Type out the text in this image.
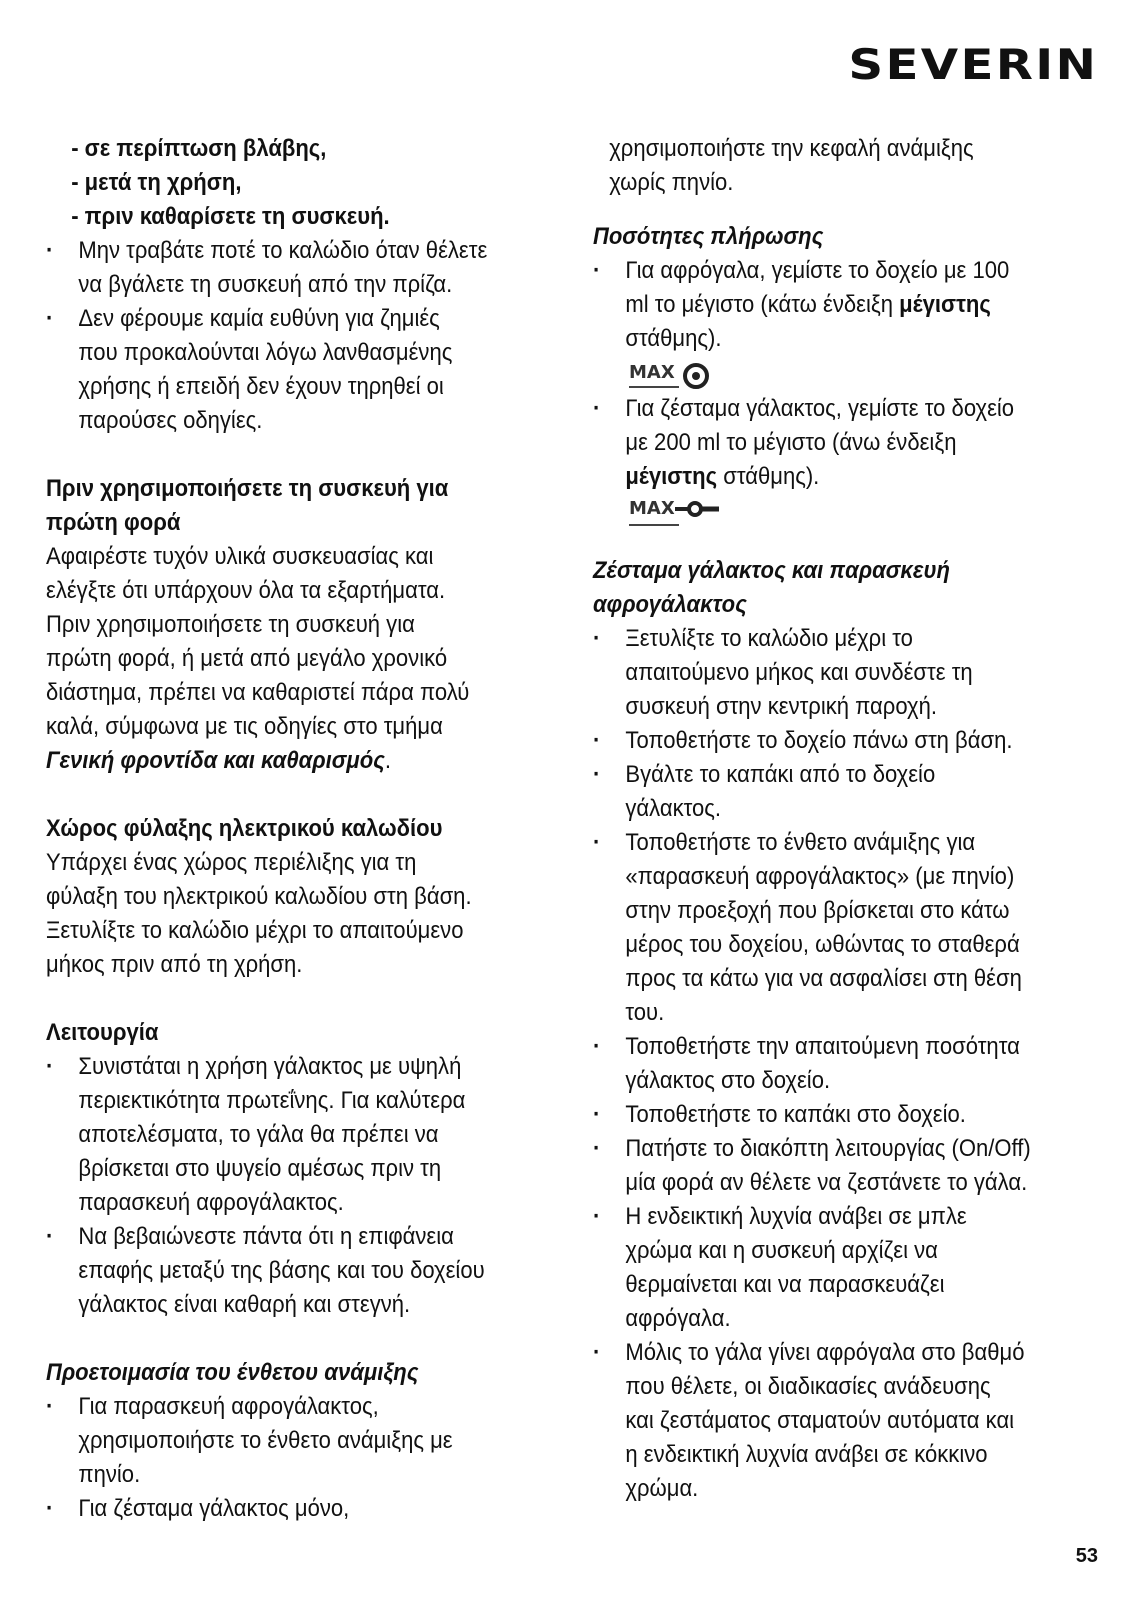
SEVERIN
- σε περίπτωση βλάβης,
- μετά τη χρήση,
- πριν καθαρίσετε τη συσκευή.
· Μην τραβάτε ποτέ το καλώδιο όταν θέλετε
να βγάλετε τη συσκευή από την πρίζα.
· Δεν φέρουμε καμία ευθύνη για ζημιές
που προκαλούνται λόγω λανθασμένης
χρήσης ή επειδή δεν έχουν τηρηθεί οι
παρούσες οδηγίες.
Πριν χρησιμοποιήσετε τη συσκευή για
πρώτη φορά
Αφαιρέστε τυχόν υλικά συσκευασίας και
ελέγξτε ότι υπάρχουν όλα τα εξαρτήματα.
Πριν χρησιμοποιήσετε τη συσκευή για
πρώτη φορά, ή μετά από μεγάλο χρονικό
διάστημα, πρέπει να καθαριστεί πάρα πολύ
καλά, σύμφωνα με τις οδηγίες στο τμήμα
Γενική φροντίδα και καθαρισμός.
Χώρος φύλαξης ηλεκτρικού καλωδίου
Υπάρχει ένας χώρος περιέλιξης για τη
φύλαξη του ηλεκτρικού καλωδίου στη βάση.
Ξετυλίξτε το καλώδιο μέχρι το απαιτούμενο
μήκος πριν από τη χρήση.
Λειτουργία
· Συνιστάται η χρήση γάλακτος με υψηλή
περιεκτικότητα πρωτεΐνης. Για καλύτερα
αποτελέσματα, το γάλα θα πρέπει να
βρίσκεται στο ψυγείο αμέσως πριν τη
παρασκευή αφρογάλακτος.
· Να βεβαιώνεστε πάντα ότι η επιφάνεια
επαφής μεταξύ της βάσης και του δοχείου
γάλακτος είναι καθαρή και στεγνή.
Προετοιμασία του ένθετου ανάμιξης
· Για παρασκευή αφρογάλακτος,
χρησιμοποιήστε το ένθετο ανάμιξης με
πηνίο.
· Για ζέσταμα γάλακτος μόνο,
χρησιμοποιήστε την κεφαλή ανάμιξης
χωρίς πηνίο.
Ποσότητες πλήρωσης
· Για αφρόγαλα, γεμίστε το δοχείο με 100
ml το μέγιστο (κάτω ένδειξη μέγιστης
στάθμης).
MAX
· Για ζέσταμα γάλακτος, γεμίστε το δοχείο
με 200 ml το μέγιστο (άνω ένδειξη
μέγιστης στάθμης).
MAX
Ζέσταμα γάλακτος και παρασκευή
αφρογάλακτος
· Ξετυλίξτε το καλώδιο μέχρι το
απαιτούμενο μήκος και συνδέστε τη
συσκευή στην κεντρική παροχή.
· Τοποθετήστε το δοχείο πάνω στη βάση.
· Βγάλτε το καπάκι από το δοχείο
γάλακτος.
· Τοποθετήστε το ένθετο ανάμιξης για
«παρασκευή αφρογάλακτος» (με πηνίο)
στην προεξοχή που βρίσκεται στο κάτω
μέρος του δοχείου, ωθώντας το σταθερά
προς τα κάτω για να ασφαλίσει στη θέση
του.
· Τοποθετήστε την απαιτούμενη ποσότητα
γάλακτος στο δοχείο.
· Τοποθετήστε το καπάκι στο δοχείο.
· Πατήστε το διακόπτη λειτουργίας (On/Off)
μία φορά αν θέλετε να ζεστάνετε το γάλα.
· Η ενδεικτική λυχνία ανάβει σε μπλε
χρώμα και η συσκευή αρχίζει να
θερμαίνεται και να παρασκευάζει
αφρόγαλα.
· Μόλις το γάλα γίνει αφρόγαλα στο βαθμό
που θέλετε, οι διαδικασίες ανάδευσης
και ζεστάματος σταματούν αυτόματα και
η ενδεικτική λυχνία ανάβει σε κόκκινο
χρώμα.
53
